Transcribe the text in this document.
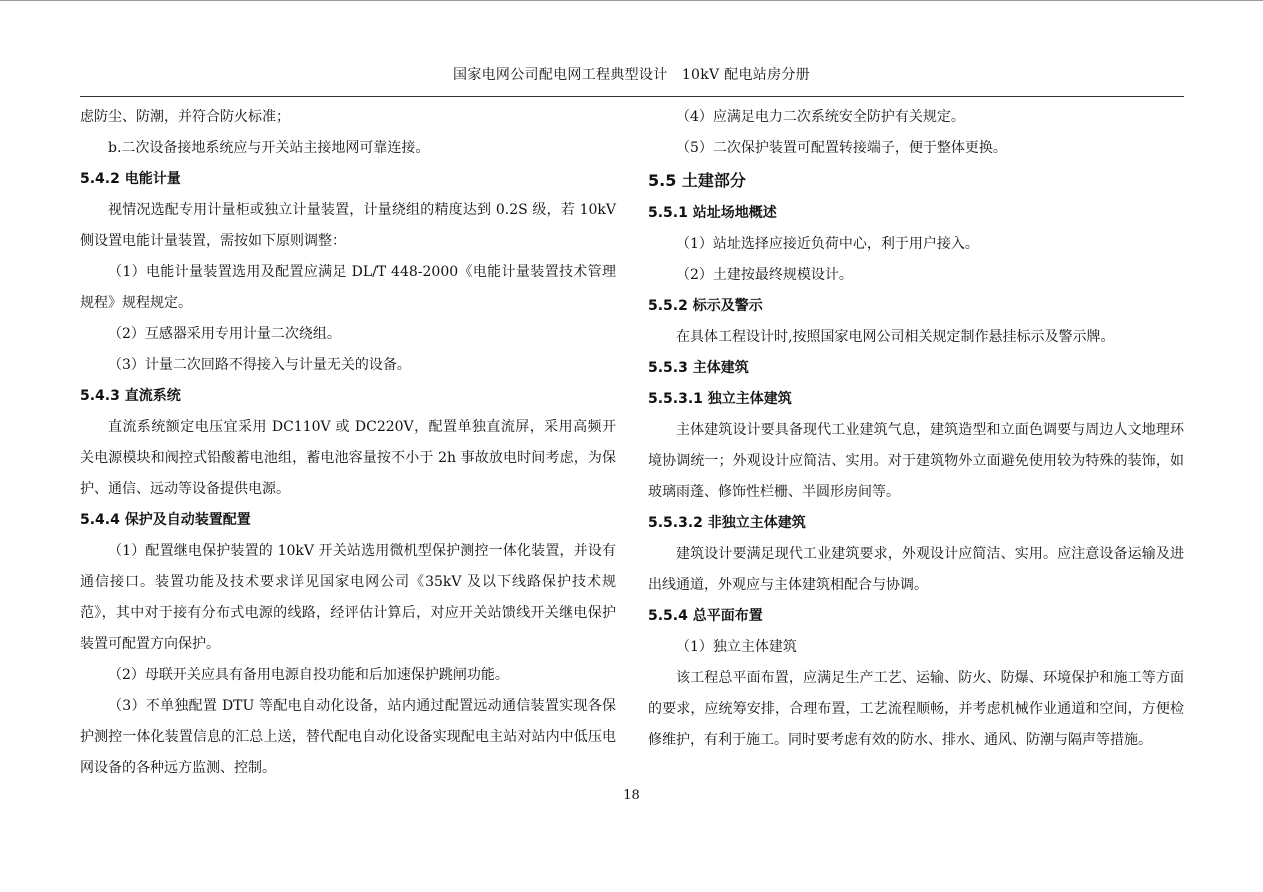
国家电网公司配电网工程典型设计　10kV 配电站房分册
虑防尘、防潮，并符合防火标准；
b.二次设备接地系统应与开关站主接地网可靠连接。
5.4.2 电能计量
视情况选配专用计量柜或独立计量装置，计量绕组的精度达到 0.2S 级，若 10kV 侧设置电能计量装置，需按如下原则调整：
（1）电能计量装置选用及配置应满足 DL/T 448-2000《电能计量装置技术管理规程》规程规定。
（2）互感器采用专用计量二次绕组。
（3）计量二次回路不得接入与计量无关的设备。
5.4.3 直流系统
直流系统额定电压宜采用 DC110V 或 DC220V，配置单独直流屏，采用高频开关电源模块和阀控式铅酸蓄电池组，蓄电池容量按不小于 2h 事故放电时间考虑，为保护、通信、远动等设备提供电源。
5.4.4 保护及自动装置配置
（1）配置继电保护装置的 10kV 开关站选用微机型保护测控一体化装置，并设有通信接口。装置功能及技术要求详见国家电网公司《35kV 及以下线路保护技术规范》，其中对于接有分布式电源的线路，经评估计算后，对应开关站馈线开关继电保护装置可配置方向保护。
（2）母联开关应具有备用电源自投功能和后加速保护跳闸功能。
（3）不单独配置 DTU 等配电自动化设备，站内通过配置远动通信装置实现各保护测控一体化装置信息的汇总上送，替代配电自动化设备实现配电主站对站内中低压电网设备的各种远方监测、控制。
（4）应满足电力二次系统安全防护有关规定。
（5）二次保护装置可配置转接端子，便于整体更换。
5.5 土建部分
5.5.1 站址场地概述
（1）站址选择应接近负荷中心，利于用户接入。
（2）土建按最终规模设计。
5.5.2 标示及警示
在具体工程设计时,按照国家电网公司相关规定制作悬挂标示及警示牌。
5.5.3 主体建筑
5.5.3.1 独立主体建筑
主体建筑设计要具备现代工业建筑气息，建筑造型和立面色调要与周边人文地理环境协调统一；外观设计应简洁、实用。对于建筑物外立面避免使用较为特殊的装饰，如玻璃雨蓬、修饰性栏栅、半圆形房间等。
5.5.3.2 非独立主体建筑
建筑设计要满足现代工业建筑要求，外观设计应简洁、实用。应注意设备运输及进出线通道，外观应与主体建筑相配合与协调。
5.5.4 总平面布置
（1）独立主体建筑
该工程总平面布置，应满足生产工艺、运输、防火、防爆、环境保护和施工等方面的要求，应统筹安排，合理布置，工艺流程顺畅，并考虑机械作业通道和空间，方便检修维护，有利于施工。同时要考虑有效的防水、排水、通风、防潮与隔声等措施。
18
